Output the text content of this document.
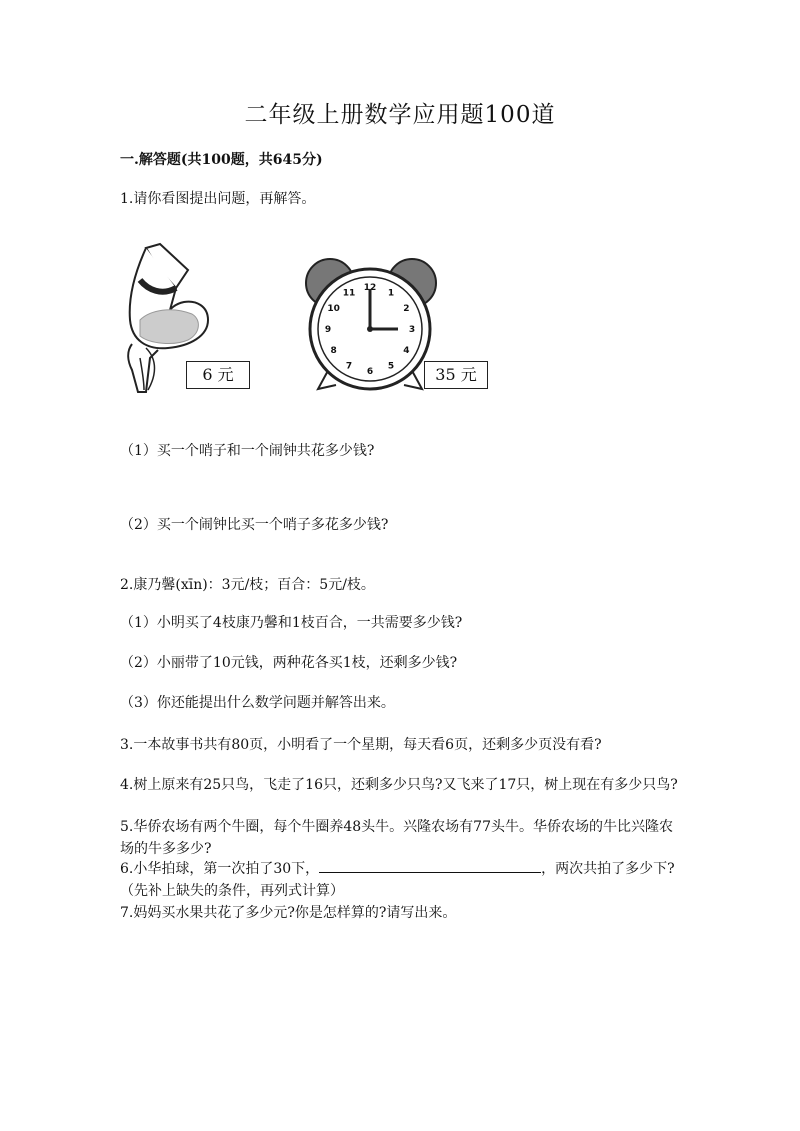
二年级上册数学应用题100道
一.解答题(共100题，共645分)
1.请你看图提出问题，再解答。
6 元
12
1
2
3
4
5
6
7
8
9
10
11
35 元
（1）买一个哨子和一个闹钟共花多少钱?
（2）买一个闹钟比买一个哨子多花多少钱?
2.康乃馨(xīn)：3元/枝；百合：5元/枝。
（1）小明买了4枝康乃馨和1枝百合，一共需要多少钱?
（2）小丽带了10元钱，两种花各买1枝，还剩多少钱?
（3）你还能提出什么数学问题并解答出来。
3.一本故事书共有80页，小明看了一个星期，每天看6页，还剩多少页没有看?
4.树上原来有25只鸟，飞走了16只，还剩多少只鸟?又飞来了17只，树上现在有多少只鸟?
5.华侨农场有两个牛圈，每个牛圈养48头牛。兴隆农场有77头牛。华侨农场的牛比兴隆农场的牛多多少?
6.小华拍球，第一次拍了30下，	，两次共拍了多少下?（先补上缺失的条件，再列式计算）
7.妈妈买水果共花了多少元?你是怎样算的?请写出来。
